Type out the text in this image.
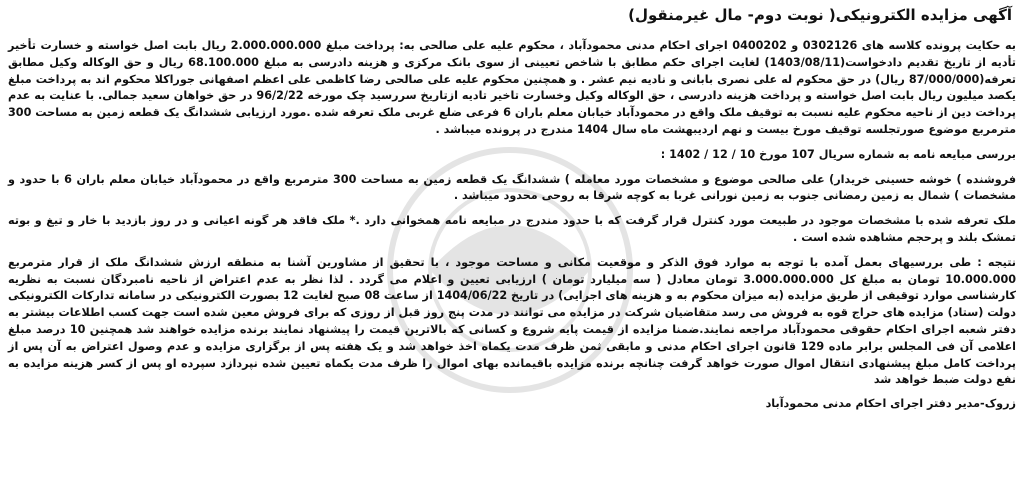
آگهی مزایده الکترونیکی( نوبت دوم- مال غیرمنقول)

به حکایت پرونده کلاسه های 0302126 و 0400202 اجرای احکام مدنی محمودآباد ، محکوم علیه علی صالحی به: پرداخت مبلغ 2.000.000.000 ریال بابت اصل خواسته و خسارت تأخیر تأدیه از تاریخ تقدیم دادخواست(1403/08/11) لغایت اجرای حکم مطابق با شاخص تعیینی از سوی بانک مرکزی و هزینه دادرسی به مبلغ 68.100.000 ریال و حق الوکاله وکیل مطابق تعرفه(87/000/000 ریال) در حق محکوم له علی نصری بابانی و نادیه نیم عشر . و همچنین محکوم علیه علی صالحی رضا کاظمی علی اعظم اصفهانی جوراکلا محکوم اند به پرداخت مبلغ یکصد میلیون ریال بابت اصل خواسته و پرداخت هزینه دادرسی ، حق الوکاله وکیل وخسارت تاخیر تادیه ازتاریخ سررسید چک مورخه 96/2/22 در حق خواهان سعید جمالی. با عنایت به عدم پرداخت دین از ناحیه محکوم علیه نسبت به توقیف ملک واقع در محمودآباد خیابان معلم باران 6 فرعی ضلع غربی ملک تعرفه شده .مورد ارزیابی ششدانگ یک قطعه زمین به مساحت 300 مترمربع موضوع صورتجلسه توقیف مورخ بیست و نهم اردیبهشت ماه سال 1404 مندرج در پرونده میباشد .

بررسی مبایعه نامه به شماره سریال 107 مورخ 10 / 12 / 1402 :

فروشنده ) خوشه حسینی خریدار) علی صالحی موضوع و مشخصات مورد معامله ) ششدانگ یک قطعه زمین به مساحت 300 مترمربع واقع در محمودآباد خیابان معلم باران 6 با حدود و مشخصات ) شمال به زمین رمضانی جنوب به زمین نورانی غربا به کوچه شرقا به روحی محدود میباشد .

ملک تعرفه شده با مشخصات موجود در طبیعت مورد کنترل قرار گرفت که با حدود مندرج در مبایعه نامه همخوانی دارد .* ملک فاقد هر گونه اعیانی و در روز بازدید با خار و تیغ و بوته تمشک بلند و پرحجم مشاهده شده است .

نتیجه : طی بررسیهای بعمل آمده با توجه به موارد فوق الذکر و موقعیت مکانی و مساحت موجود ، با تحقیق از مشاورین آشنا به منطقه ارزش ششدانگ ملک از قرار مترمربع 10.000.000 تومان به مبلغ کل 3.000.000.000 تومان معادل ( سه میلیارد تومان ) ارزیابی تعیین و اعلام می گردد . لذا نظر به عدم اعتراض از ناحیه نامبردگان نسبت به نظریه کارشناسی موارد توقیفی از طریق مزایده (به میزان محکوم به و هزینه های اجرایی) در تاریخ 1404/06/22 از ساعت 08 صبح لغایت 12 بصورت الکترونیکی در سامانه تدارکات الکترونیکی دولت (ستاد) مزایده های حراج قوه به فروش می رسد متقاضیان شرکت در مزایده می توانند در مدت پنج روز قبل از روزی که برای فروش معین شده است جهت کسب اطلاعات بیشتر به دفتر شعبه اجرای احکام حقوقی محمودآباد مراجعه نمایند.ضمنا مزایده از قیمت پایه شروع و کسانی که بالاترین قیمت را پیشنهاد نمایند برنده مزایده خواهند شد همچنین 10 درصد مبلغ اعلامی آن فی المجلس برابر ماده 129 قانون اجرای احکام مدنی و مابقی ثمن ظرف مدت یکماه اخذ خواهد شد و یک هفته پس از برگزاری مزایده و عدم وصول اعتراض به آن پس از پرداخت کامل مبلغ پیشنهادی انتقال اموال صورت خواهد گرفت چنانچه برنده مزایده باقیمانده بهای اموال را ظرف مدت یکماه تعیین شده نپردازد سپرده او پس از کسر هزینه مزایده به نفع دولت ضبط خواهد شد

زروک-مدیر دفتر اجرای احکام مدنی محمودآباد
